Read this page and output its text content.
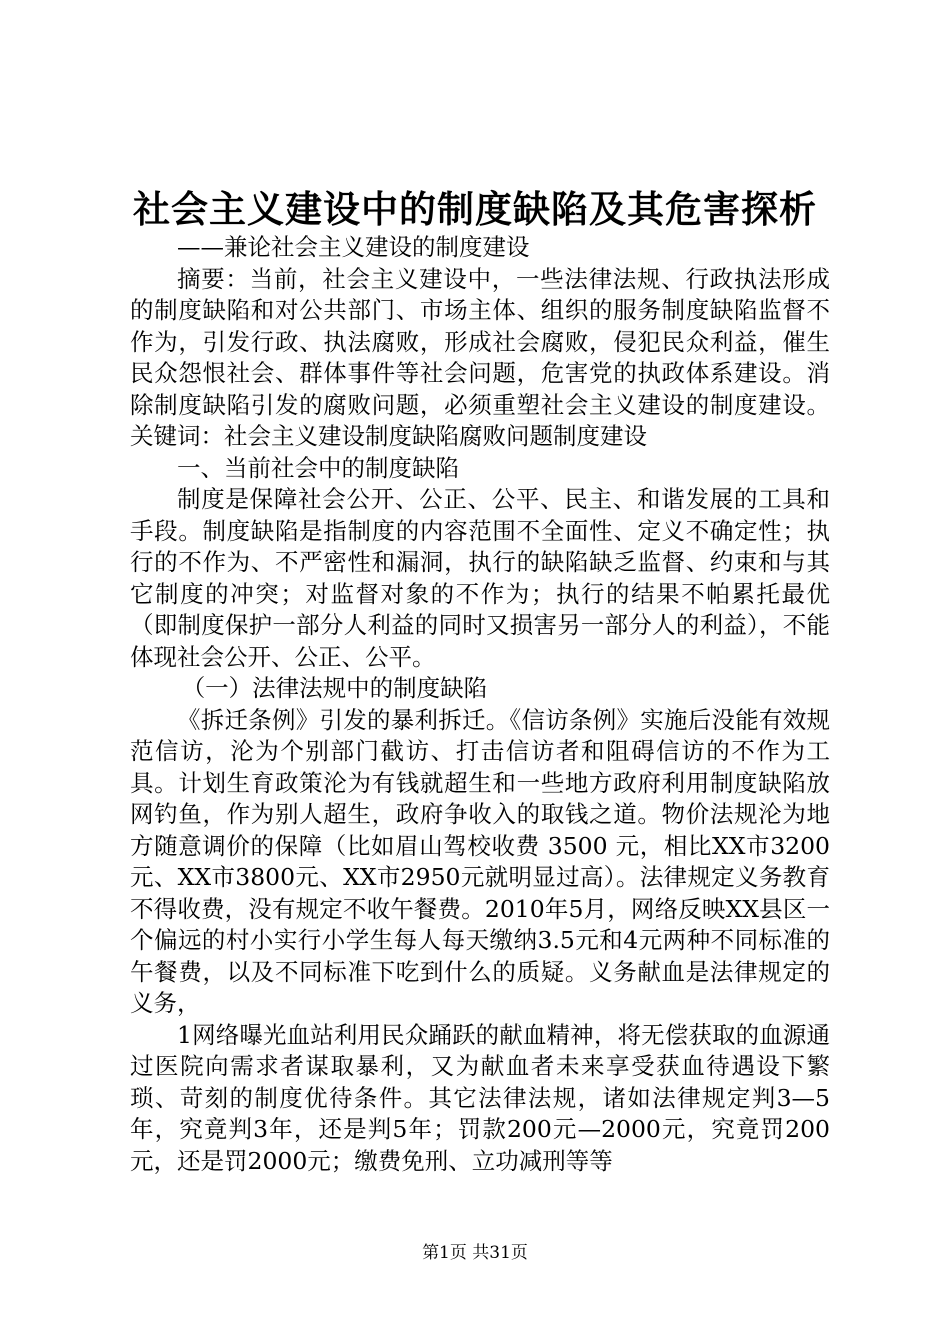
社会主义建设中的制度缺陷及其危害探析

——兼论社会主义建设的制度建设

摘要：当前，社会主义建设中，一些法律法规、行政执法形成的制度缺陷和对公共部门、市场主体、组织的服务制度缺陷监督不作为，引发行政、执法腐败，形成社会腐败，侵犯民众利益，催生民众怨恨社会、群体事件等社会问题，危害党的执政体系建设。消除制度缺陷引发的腐败问题，必须重塑社会主义建设的制度建设。关键词：社会主义建设制度缺陷腐败问题制度建设

一、当前社会中的制度缺陷

制度是保障社会公开、公正、公平、民主、和谐发展的工具和手段。制度缺陷是指制度的内容范围不全面性、定义不确定性；执行的不作为、不严密性和漏洞，执行的缺陷缺乏监督、约束和与其它制度的冲突；对监督对象的不作为；执行的结果不帕累托最优（即制度保护一部分人利益的同时又损害另一部分人的利益），不能体现社会公开、公正、公平。

（一）法律法规中的制度缺陷

《拆迁条例》引发的暴利拆迁。《信访条例》实施后没能有效规范信访，沦为个别部门截访、打击信访者和阻碍信访的不作为工具。计划生育政策沦为有钱就超生和一些地方政府利用制度缺陷放网钓鱼，作为别人超生，政府争收入的取钱之道。物价法规沦为地方随意调价的保障（比如眉山驾校收费 3500 元，相比XX市3200元、XX市3800元、XX市2950元就明显过高）。法律规定义务教育不得收费，没有规定不收午餐费。2010年5月，网络反映XX县区一个偏远的村小实行小学生每人每天缴纳3.5元和4元两种不同标准的午餐费，以及不同标准下吃到什么的质疑。义务献血是法律规定的义务，

1网络曝光血站利用民众踊跃的献血精神，将无偿获取的血源通过医院向需求者谋取暴利，又为献血者未来享受获血待遇设下繁琐、苛刻的制度优待条件。其它法律法规，诸如法律规定判3—5年，究竟判3年，还是判5年；罚款200元—2000元，究竟罚200元，还是罚2000元；缴费免刑、立功减刑等等

第1页 共31页
